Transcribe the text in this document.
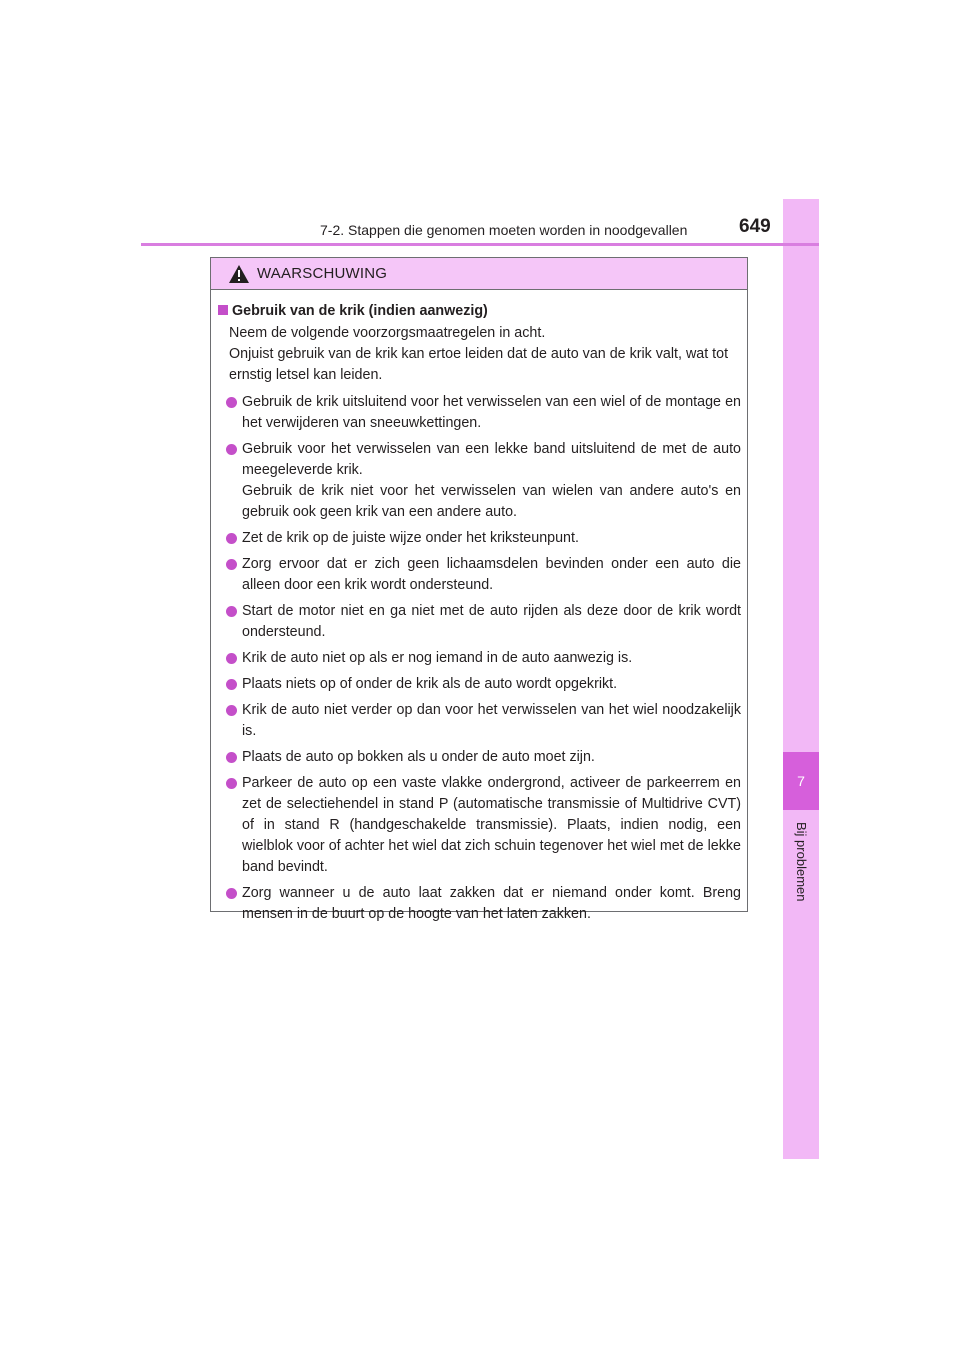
7
Bij problemen
7-2. Stappen die genomen moeten worden in noodgevallen	649
WAARSCHUWING
Gebruik van de krik (indien aanwezig)

Neem de volgende voorzorgsmaatregelen in acht.

Onjuist gebruik van de krik kan ertoe leiden dat de auto van de krik valt, wat tot ernstig letsel kan leiden.

Gebruik de krik uitsluitend voor het verwisselen van een wiel of de montage en het verwijderen van sneeuwkettingen.

Gebruik voor het verwisselen van een lekke band uitsluitend de met de auto meegeleverde krik.

Gebruik de krik niet voor het verwisselen van wielen van andere auto's en gebruik ook geen krik van een andere auto.

Zet de krik op de juiste wijze onder het kriksteunpunt.

Zorg ervoor dat er zich geen lichaamsdelen bevinden onder een auto die alleen door een krik wordt ondersteund.

Start de motor niet en ga niet met de auto rijden als deze door de krik wordt ondersteund.

Krik de auto niet op als er nog iemand in de auto aanwezig is.

Plaats niets op of onder de krik als de auto wordt opgekrikt.

Krik de auto niet verder op dan voor het verwisselen van het wiel noodzakelijk is.

Plaats de auto op bokken als u onder de auto moet zijn.

Parkeer de auto op een vaste vlakke ondergrond, activeer de parkeerrem en zet de selectiehendel in stand P (automatische transmissie of Multidrive CVT) of in stand R (handgeschakelde transmissie). Plaats, indien nodig, een wielblok voor of achter het wiel dat zich schuin tegenover het wiel met de lekke band bevindt.

Zorg wanneer u de auto laat zakken dat er niemand onder komt. Breng mensen in de buurt op de hoogte van het laten zakken.
